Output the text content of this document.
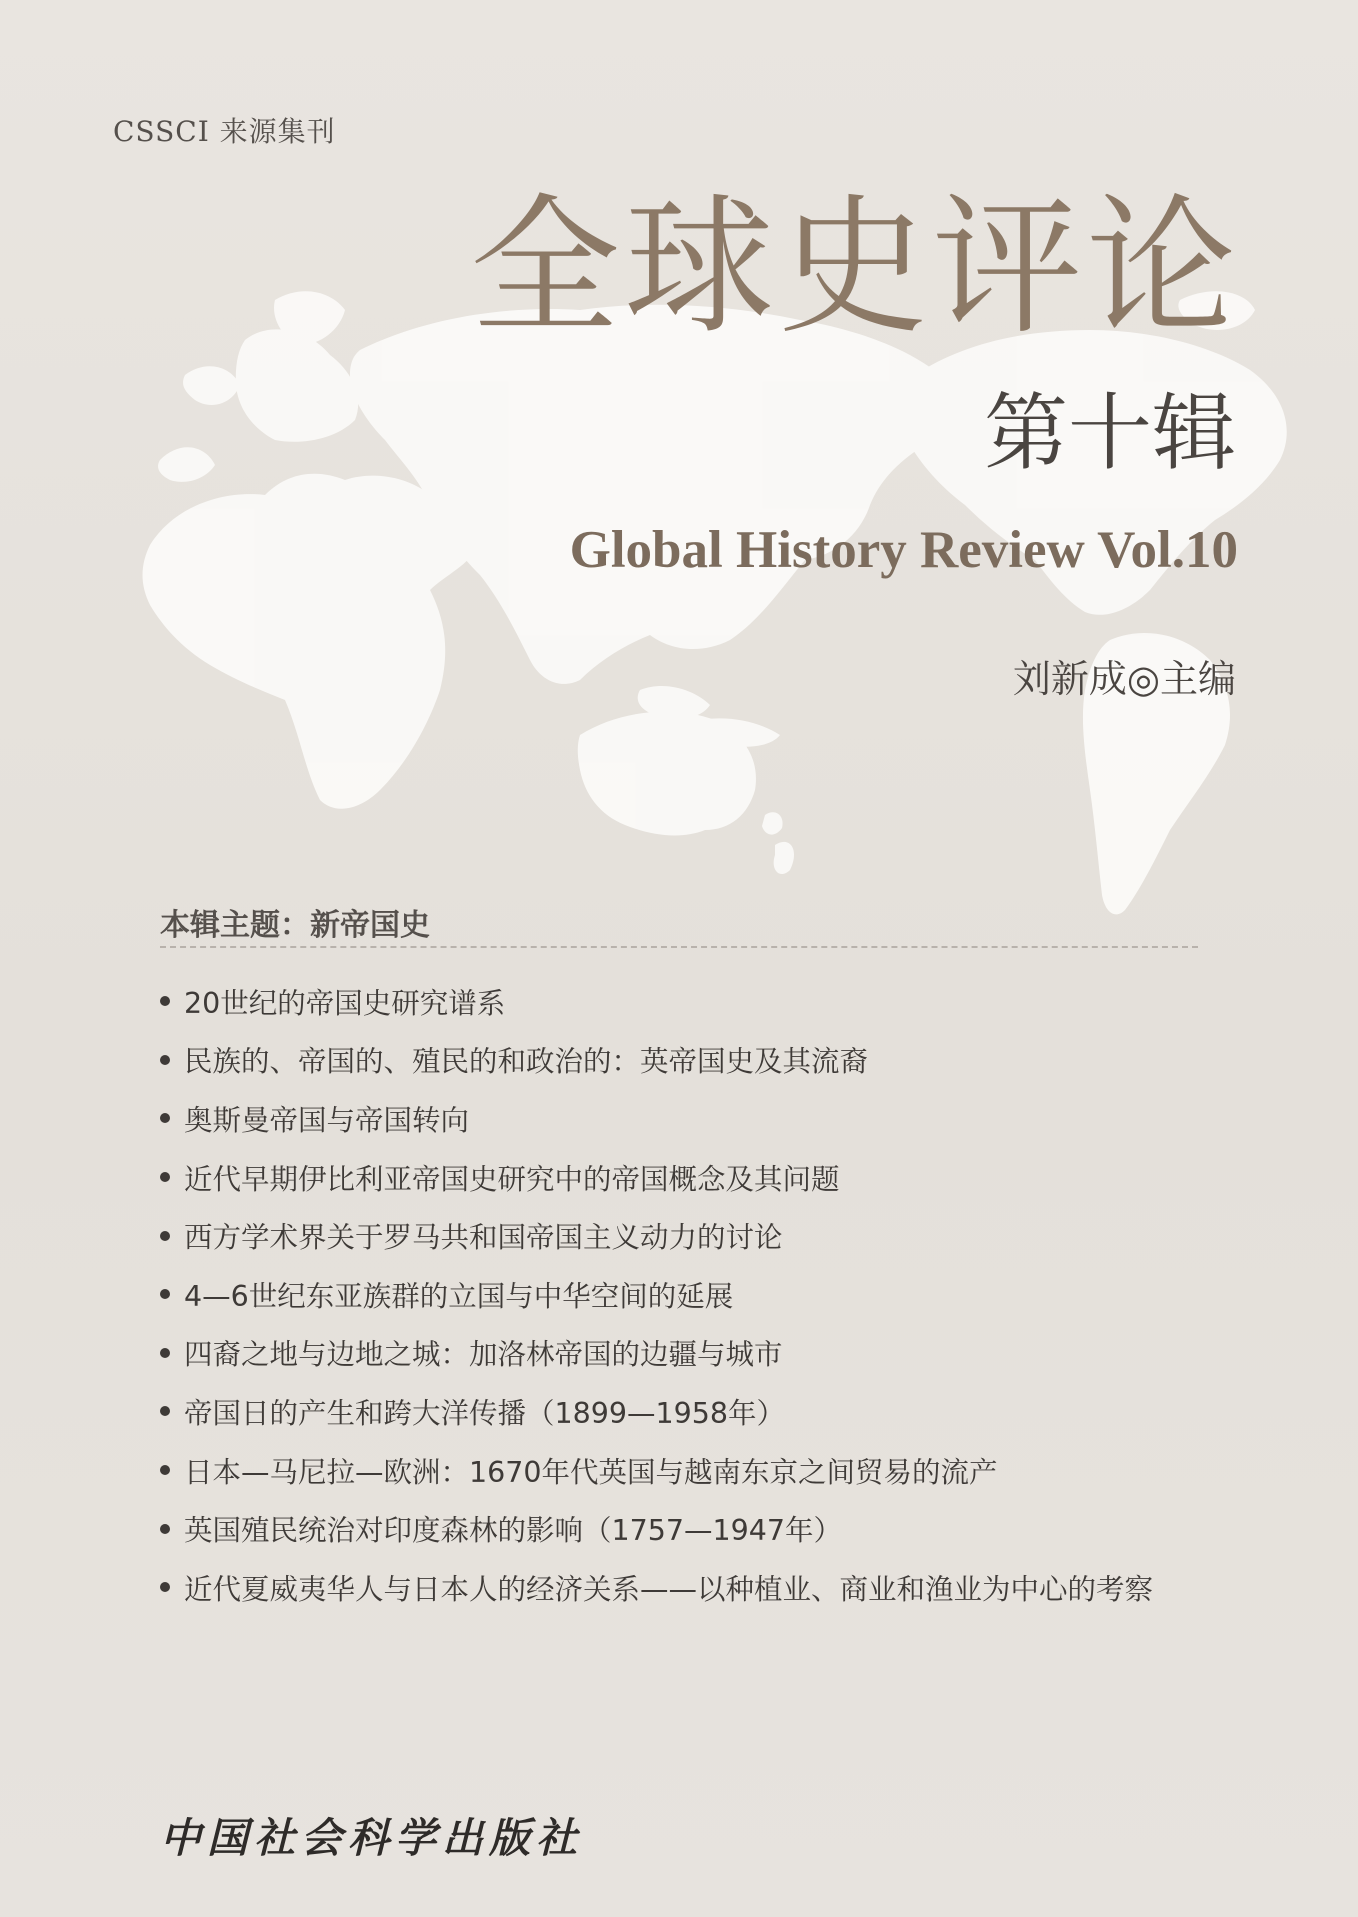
CSSCI 来源集刊
全球史评论
第十辑
Global History Review Vol.10
刘新成◎主编
本辑主题：新帝国史
20世纪的帝国史研究谱系
民族的、帝国的、殖民的和政治的：英帝国史及其流裔
奥斯曼帝国与帝国转向
近代早期伊比利亚帝国史研究中的帝国概念及其问题
西方学术界关于罗马共和国帝国主义动力的讨论
4—6世纪东亚族群的立国与中华空间的延展
四裔之地与边地之城：加洛林帝国的边疆与城市
帝国日的产生和跨大洋传播（1899—1958年）
日本—马尼拉—欧洲：1670年代英国与越南东京之间贸易的流产
英国殖民统治对印度森林的影响（1757—1947年）
近代夏威夷华人与日本人的经济关系——以种植业、商业和渔业为中心的考察
中国社会科学出版社
